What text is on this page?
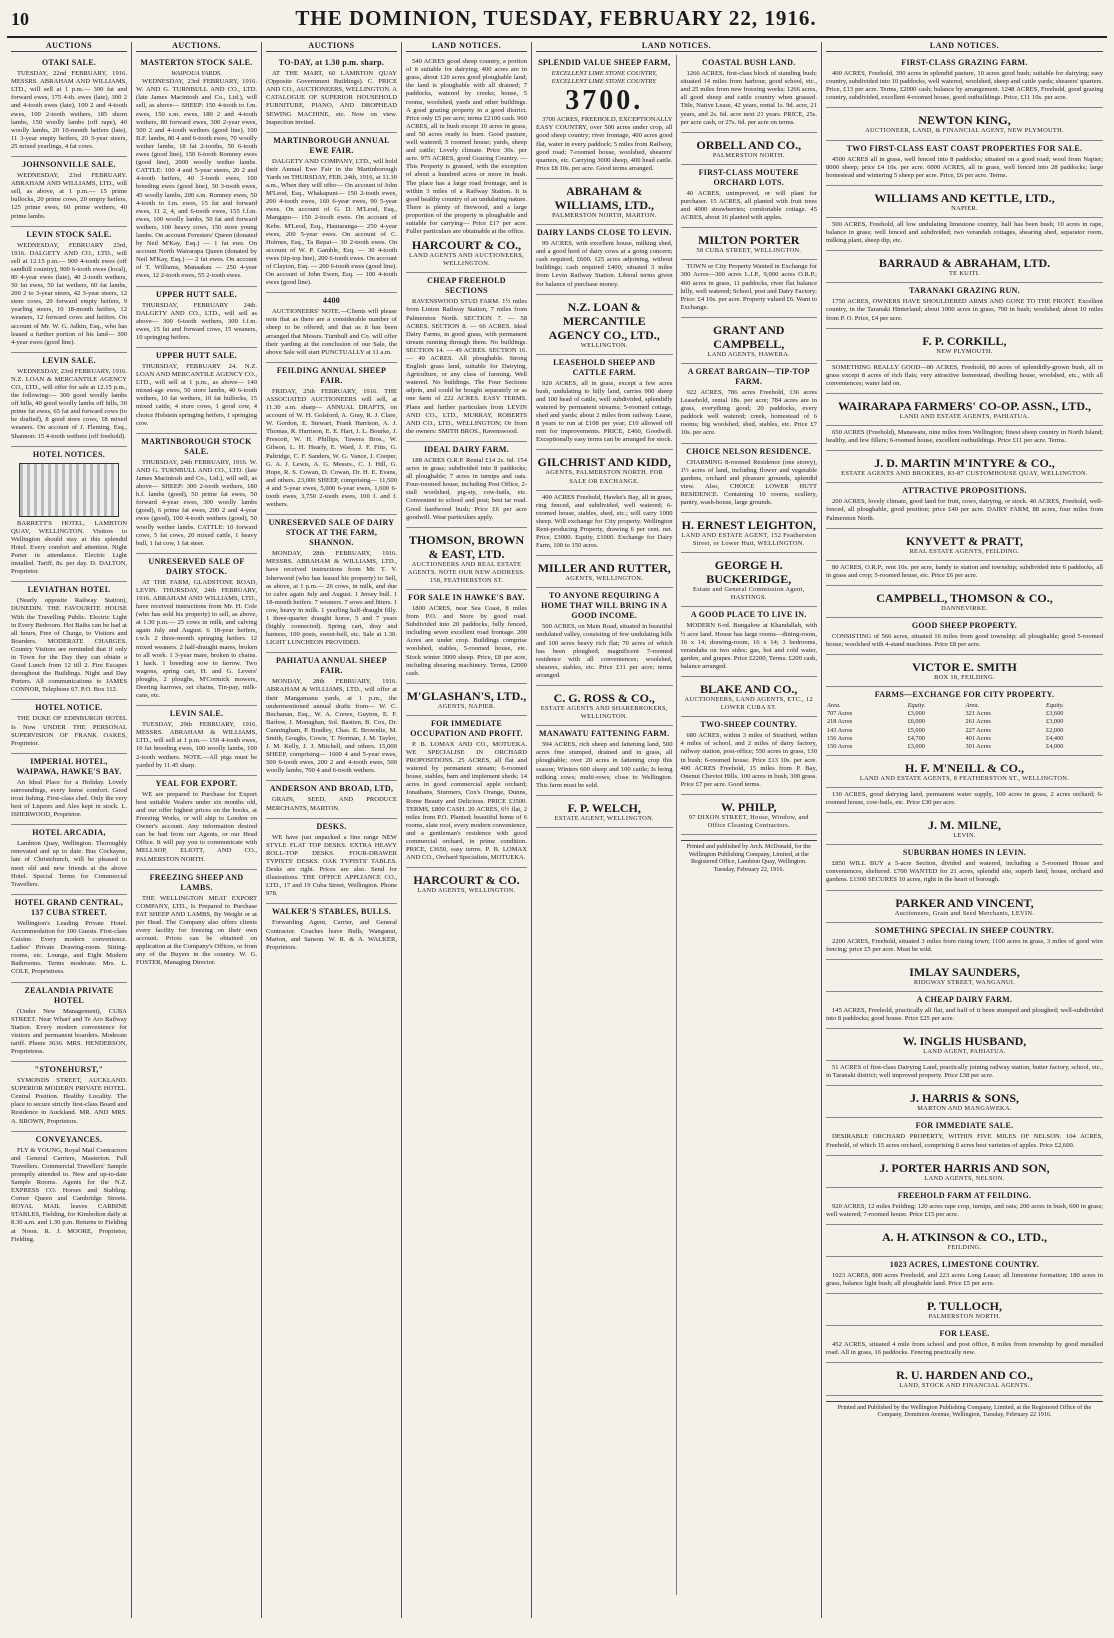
10	THE DOMINION, TUESDAY, FEBRUARY 22, 1916.
AUCTIONS
OTAKI SALE.

TUESDAY, 22nd FEBRUARY, 1916. MESSRS. ABRAHAM AND WILLIAMS, LTD., will sell at 1 p.m.— 300 fat and forward ewes, 175 4-th. ewes (late), 300 2 and 4-tooth ewes (late), 100 2 and 4-tooth ewes, 100 2-tooth wethers, 185 shorn lambs, 150 woolly lambs (off rape), 40 woolly lambs, 20 10-month heifers (late), 11 3-year empty heifers, 20 3-year steers, 25 mixed yearlings, 4 fat cows.

JOHNSONVILLE SALE.

WEDNESDAY, 23rd FEBRUARY. ABRAHAM AND WILLIAMS, LTD., will sell, as above, at 1 p.m.— 15 prime bullocks, 20 prime cows, 20 empty heifers, 125 prime ewes, 60 prime wethers, 40 prime lambs.

LEVIN STOCK SALE.

WEDNESDAY, FEBRUARY 23rd, 1916. DALGETY AND CO., LTD., will sell at 12.15 p.m.— 900 4-tooth ewes (off sandhill country), 900 6-tooth ewes (local), 80 4-year ewes (late), 40 2-tooth wethers, 50 fat ewes, 50 fat wethers, 60 fat lambs, 200 2 to 3-year steers, 42 3-year steers, 12 store cows, 20 forward empty heifers, 9 yearling steers, 10 18-month heifers, 12 weaners, 12 forward cows and heifers. On account of Mr. W. G. Adkin, Esq., who has leased a further portion of his land— 300 4-year ewes (good line).

LEVIN SALE.

WEDNESDAY, 23rd FEBRUARY, 1916. N.Z. LOAN & MERCANTILE AGENCY CO., LTD., will offer for sale at 12.15 p.m., the following:— 300 good woolly lambs off hills, 40 good woolly lambs off hills, 30 prime fat ewes, 65 fat and forward cows (to be drafted), 8 good store cows, 18 mixed weaners. On account of J. Fleming, Esq., Shannon: 15 4-tooth wethers (off freehold).

HOTEL NOTICES.

BARRETT'S HOTEL, LAMBTON QUAY, WELLINGTON. Visitors to Wellington should stay at this splendid Hotel. Every comfort and attention. Night Porter in attendance. Electric Light installed. Tariff, 8s. per day. D. DALTON, Proprietor.

LEVIATHAN HOTEL

(Nearly opposite Railway Station), DUNEDIN. THE FAVOURITE HOUSE With the Travelling Public. Electric Light in Every Bedroom. Hot Baths can be had at all hours, Free of Charge, to Visitors and Boarders. MODERATE CHARGES. Country Visitors are reminded that if only in Town for the Day they can obtain a Good Lunch from 12 till 2. Fire Escapes throughout the Buildings. Night and Day Porters. All communications to JAMES CONNOR, Telephone 67. P.O. Box 112.

HOTEL NOTICE.

THE DUKE OF EDINBURGH HOTEL Is Now UNDER THE PERSONAL SUPERVISION OF FRANK OAKES, Proprietor.

IMPERIAL HOTEL, WAIPAWA, HAWKE'S BAY.

An Ideal Place for a Holiday. Lovely surroundings, every home comfort. Good trout fishing. First-class chef. Only the very best of Liquors and Ales kept in stock. L. ISHERWOOD, Proprietor.

HOTEL ARCADIA,

Lambton Quay, Wellington. Thoroughly renovated and up to date. Bus Cockayne, late of Christchurch, will be pleased to meet old and new friends at the above Hotel. Special Terms for Commercial Travellers.

HOTEL GRAND CENTRAL, 137 CUBA STREET.

Wellington's Leading Private Hotel. Accommodation for 100 Guests. First-class Cuisine. Every modern convenience. Ladies' Private Drawing-room. Sitting-rooms, etc. Lounge, and Eight Modern Bathrooms. Terms moderate. Mrs. L. COLE, Proprietress.

ZEALANDIA PRIVATE HOTEL

(Under New Management), CUBA STREET. Near Wharf and Te Aro Railway Station. Every modern convenience for visitors and permanent boarders. Moderate tariff. Phone 3636. MRS. HENDERSON, Proprietress.

"STONEHURST,"

SYMONDS STREET, AUCKLAND. SUPERIOR MODERN PRIVATE HOTEL. Central Position. Healthy Locality. The place to secure strictly first-class Board and Residence in Auckland. MR. AND MRS. A. BROWN, Proprietors.

CONVEYANCES.

FLY & YOUNG, Royal Mail Contractors and General Carriers, Masterton. Full Travellers. Commercial Travellers' Sample promptly attended to. New and up-to-date Sample Rooms. Agents for the N.Z. EXPRESS CO. Horses and Stabling. Corner Queen and Cambridge Streets. ROYAL MAIL leaves CARBINE STABLES, Fielding, for Kimbolton daily at 8.30 a.m. and 1.30 p.m. Returns to Fielding at Noon. R. J. MOORE, Proprietor, Fielding.

AUCTIONS.
MASTERTON STOCK SALE.
WAIPOUA YARDS.

WEDNESDAY, 23rd FEBRUARY, 1916. W. AND G. TURNBULL AND CO., LTD. (late James Macintosh and Co., Ltd.), will sell, as above— SHEEP: 150 4-tooth to f.m. ewes, 150 s.m. ewes, 180 2 and 4-tooth wethers, 80 forward ewes, 300 2-year ewes, 500 2 and 4-tooth wethers (good line), 100 B.F. lambs, 80 4 and 6-tooth ewes, 70 woolly wether lambs, 18 fat 2-tooths, 50 6-tooth ewes (good line), 150 6-tooth Romney ewes (good line), 2000 woolly wether lambs. CATTLE: 100 4 and 5-year steers, 20 2 and 4-tooth heifers, 40 3-tooth ewes, 100 breeding ewes (good line), 30 3-tooth ewes, 45 woolly lambs, 200 s.m. Romney ewes, 50 4-tooth to f.m. ewes, 15 fat and forward ewes, 11 2, 4, and 6-tooth ewes, 155 f.f.m. ewes, 100 woolly lambs, 50 fat and forward wethers, 100 heavy cows, 150 store young lambs. On account Foresters' Queen (donated by Neil M'Kay, Esq.) — 1 fat ewe. On account North Wairarapa Queen (donated by Neil M'Kay, Esq.) — 2 fat ewes. On account of T. Williams, Manaakau — 250 4-year ewes, 12 2-tooth ewes, 55 2-tooth ewes.

UPPER HUTT SALE.

THURSDAY, FEBRUARY 24th. DALGETY AND CO., LTD., will sell as above— 300 6-tooth wethers, 300 f.f.m. ewes, 15 fat and forward cows, 15 weaners, 10 springing heifers.

UPPER HUTT SALE.

THURSDAY, FEBRUARY 24. N.Z. LOAN AND MERCANTILE AGENCY CO., LTD., will sell at 1 p.m., as above— 140 mixed-age ewes, 50 store lambs, 40 6-tooth wethers, 10 fat wethers, 10 fat bullocks, 15 mixed cattle, 4 store cows, 1 good cow, 4 choice Holstein springing heifers, 1 springing cow.

MARTINBOROUGH STOCK SALE.

THURSDAY, 24th FEBRUARY, 1916. W. AND G. TURNBULL AND CO., LTD. (late James Macintosh and Co., Ltd.), will sell, as above— SHEEP: 300 2-tooth wethers, 180 b.f. lambs (good), 50 prime fat ewes, 50 forward 4-year ewes, 300 woolly lambs (good), 6 prime fat ewes, 200 2 and 4-year ewes (good), 100 4-tooth wethers (good), 50 woolly wether lambs. CATTLE: 10 forward cows, 5 fat cows, 20 mixed cattle, 1 heavy bull, 1 fat cow, 1 fat steer.

UNRESERVED SALE OF DAIRY STOCK.

AT THE FARM, GLADSTONE ROAD, LEVIN. THURSDAY, 24th FEBRUARY, 1916. ABRAHAM AND WILLIAMS, LTD., have received instructions from Mr. H. Cole (who has sold his property) to sell, as above, at 1.30 p.m.— 25 cows in milk, and calving again July and August. 6 18-year heifers, r.w.b. 2 three-month springing heifers. 12 mixed weaners. 2 half-draught mares, broken to all work. 1 3-year mare, broken to chains. 1 hack. 1 breeding sow to farrow. Two wagons, spring cart, H. and G. Levers' ploughs, 2 ploughs, M'Cormick mowers, Deering harrows, set chains, Tin-pay, milk-cans, etc.

LEVIN SALE.

TUESDAY, 29th FEBRUARY, 1916. MESSRS. ABRAHAM & WILLIAMS, LTD., will sell at 1 p.m.— 150 4-tooth ewes, 10 fat breeding ewes, 100 woolly lambs, 100 2-tooth wethers. NOTE.—All pigs must be yarded by 11.45 sharp.

YEAL FOR EXPORT.

WE are prepared to Purchase for Export best suitable Vealers under six months old, and our offer highest prices on the hooks, at Freezing Works, or will ship to London on Owner's account. Any information desired can be had from our Agents, or our Head Office. It will pay you to communicate with MELLSOP, ELIOTT, AND CO., PALMERSTON NORTH.

FREEZING SHEEP AND LAMBS.

THE WELLINGTON MEAT EXPORT COMPANY, LTD., Is Prepared to Purchase FAT SHEEP AND LAMBS, By Weight or at per Head. The Company also offers clients every facility for freezing on their own account. Prices can be obtained on application at the Company's Offices, or from any of the Buyers in the country. W. G. FOSTER, Managing Director.

AUCTIONS
TO-DAY, at 1.30 p.m. sharp.

AT THE MART, 60 LAMBTON QUAY (Opposite Government Buildings). C. PRICE AND CO., AUCTIONEERS, WELLINGTON. A CATALOGUE OF SUPERIOR HOUSEHOLD FURNITURE, PIANO, AND DROPHEAD SEWING MACHINE, etc. Now on view. Inspection invited.

MARTINBOROUGH ANNUAL EWE FAIR.

DALGETY AND COMPANY, LTD., will hold their Annual Ewe Fair in the Martinborough Yards on THURSDAY, FEB. 24th, 1916, at 11.30 a.m., When they will offer— On account of John M'Leod, Esq., Whakapuni— 150 2-tooth ewes, 200 4-tooth ewes, 160 6-year ewes, 90 5-year ewes. On account of G. D. M'Leod, Esq., Mangapu— 150 2-tooth ewes. On account of Kebs. M'Leod, Esq., Hautaranga— 250 4-year ewes, 200 5-year ewes. On account of C. Holmes, Esq., Ta Repai— 30 2-tooth ewes. On account of W. P. Gamble, Esq. — 30 4-tooth ewes (tip-top line), 200 6-tooth ewes. On account of Clayton, Esq. — 200 6-tooth ewes (good line). On account of John Ewen, Esq. — 100 4-tooth ewes (good line).

4400

AUCTIONEERS' NOTE.—Clients will please note that as there are a considerable number of sheep to be offered, and that as it has been arranged that Messrs. Turnbull and Co. will offer their yarding at the conclusion of our Sale, the above Sale will start PUNCTUALLY at 11 a.m.

FEILDING ANNUAL SHEEP FAIR.

FRIDAY, 25th FEBRUARY, 1916. THE ASSOCIATED AUCTIONEERS will sell, at 11.30 a.m. sharp— ANNUAL DRAFTS, on account of W. H. Golsford, A. Gray, R. J. Clare, W. Gordon, E. Stewart, Frank Harrison, A. J. Thomas, R. Harrison, E. E. Hart, J. L. Bourke, J. Prescott, W. H. Phillips, Tawera Bros., W. Gibson, L. H. Hearly, E. Ward, J. F. Fitts, G. Paltridge, C. F. Sanders, W. G. Vance, J. Cooper, G. A. J. Lewis, A. G. Messrs., C. J. Hill, G. Hope, R. S. Cowan, D. Cowan, Dr. H. E. Evans, and others. 23,000 SHEEP, comprising— 11,500 4 and 5-year ewes, 5,000 6-year ewes, 1,600 6-tooth ewes, 3,750 2-tooth ewes, 100 f. and f. wethers.

UNRESERVED SALE OF DAIRY STOCK AT THE FARM, SHANNON.

MONDAY, 28th FEBRUARY, 1916. MESSRS. ABRAHAM & WILLIAMS, LTD., have received instructions from Mr. T. V. Isherwood (who has leased his property) to Sell, as above, at 1 p.m.— 26 cows, in milk, and due to calve again July and August. 1 Jersey bull. 1 18-month heifers. 7 weaners. 7 sows and litters. 1 cow, heavy in milk. 1 yearling half-draught filly. 1 three-quarter draught horse, 5 and 7 years (highly connected). Spring cart, dray and harness, 100 posts, sweet-bell, etc. Sale at 1.30. LIGHT LUNCHEON PROVIDED.

PAHIATUA ANNUAL SHEEP FAIR.

MONDAY, 28th FEBRUARY, 1916. ABRAHAM & WILLIAMS, LTD., will offer at their Mangamanu yards, at 1 p.m., the undermentioned annual drafts from— W. C. Buchanan, Esq., W. A. Crewe, Guyton, E. F. Barlow, J. Monaghan, Sol. Bastien, B. Cox, Dr. Cunningham, P. Bradley, Chas. E. Brownlie, M. Smith, Goughs, Cowie, T. Norman, J. M. Taylor, J. M. Kelly, J. J. Mitchell, and others. 15,000 SHEEP, comprising— 1600 4 and 5-year ewes, 500 6-tooth ewes, 200 2 and 4-tooth ewes, 500 woolly lambs, 700 4 and 6-tooth wethers.

ANDERSON AND BROAD, LTD,

GRAIN, SEED, AND PRODUCE MERCHANTS, MARTON.

DESKS.

WE have just unpacked a fine range NEW STYLE FLAT TOP DESKS. EXTRA HEAVY ROLL-TOP DESKS. FOUR-DRAWER TYPISTS' DESKS. OAK TYPISTS' TABLES. Desks are right. Prices are also. Send for illustrations. THE OFFICE APPLIANCE CO., LTD., 17 and 19 Cuba Street, Wellington. Phone 978.

WALKER'S STABLES, BULLS.

Forwarding Agent, Carrier, and General Contractor. Coaches leave Bulls, Wanganui, Marton, and Sanson. W. R. & A. WALKER, Proprietors.

LAND NOTICES.

540 ACRES good sheep country, a portion of it suitable for dairying; 400 acres are in grass, about 120 acres good ploughable land; the land is ploughable with all drained; 7 paddocks, watered by creeks; house, 5 rooms, woolshed, yards and other buildings. A good grazing property in a good district. Price only £5 per acre; terms £2100 cash. 960 ACRES, all in bush except 10 acres in grass, and 50 acres ready to burn. Good pasture, well watered; 5 roomed house; yards, sheep and cattle; Lovely climate. Price 30s. per acre. 975 ACRES, good Grazing Country. — This Property is grassed, with the exception of about a hundred acres or more in bush. The place has a large road frontage, and is within 3 miles of a Railway Station. It is good healthy country of an undulating nature. There is plenty of firewood, and a large proportion of the property is ploughable and suitable for carrying— Price £17 per acre. Fuller particulars are obtainable at the office.

HARCOURT & CO.,
LAND AGENTS AND AUCTIONEERS, WELLINGTON.
CHEAP FREEHOLD SECTIONS

RAVENSWOOD STUD FARM. 1½ miles from Linton Railway Station, 7 miles from Palmerston North. SECTION 7. — 58 ACRES. SECTION 8. — 66 ACRES. Ideal Dairy Farms, in good grass, with permanent stream running through them. No buildings. SECTION 14. — 49 ACRES. SECTION 16. — 49 ACRES. All ploughable. Strong English grass land, suitable for Dairying, Agriculture, or any class of farming. Well watered. No buildings. The Four Sections adjoin, and could be bought separately or as one farm of 222 ACRES. EASY TERMS. Plans and further particulars from LEVIN AND CO., LTD., MURRAY, ROBERTS AND CO., LTD., WELLINGTON; Or from the owners: SMITH BROS., Ravenswood.

IDEAL DAIRY FARM.

188 ACRES O.R.P. Rental £14 2s. 6d. 154 acres in grass; subdivided into 8 paddocks; all ploughable; 7 acres in turnips and oats. Four-roomed house, including Post Office, 2-stall woolshed, pig-sty, cow-bails, etc. Convenient to school and post; best tar road. Good hardwood bush; Price £6 per acre goodwill. Wear particulars apply.

THOMSON, BROWN & EAST, LTD.
AUCTIONEERS AND REAL ESTATE AGENTS. NOTE OUR NEW ADDRESS: 158, FEATHERSTON ST.
FOR SALE IN HAWKE'S BAY.

1800 ACRES, near Sea Coast, 8 miles from P.O. and Store by good road. Subdivided into 20 paddocks, fully fenced, including seven excellent road frontage. 200 Acres are under crop. Buildings comprise woolshed, stables, 5-roomed house, etc. Stock winter 3000 sheep. Price, £8 per acre, including shearing machinery. Terms, £2000 cash.

M'GLASHAN'S, LTD.,
AGENTS, NAPIER.
FOR IMMEDIATE OCCUPATION AND PROFIT.

P. B. LOMAX AND CO., MOTUEKA. WE SPECIALISE IN ORCHARD PROPOSITIONS. 25 ACRES, all flat and watered by permanent stream; 6-roomed house, stables, barn and implement sheds; 14 acres in good commercial apple orchard; Jonathans, Sturmers, Cox's Orange, Dunns, Rome Beauty and Delicious. PRICE £3500. TERMS, £800 CASH. 20 ACRES, 6½ flat, 2 miles from P.O. Planted; beautiful home of 6 rooms, slate roof, every modern convenience, and a gentleman's residence with good commercial orchard, in prime condition. PRICE, £3650, easy terms. P. B. LOMAX AND CO., Orchard Specialists, MOTUEKA.

HARCOURT & CO.
LAND AGENTS, WELLINGTON.
LAND NOTICES.
SPLENDID VALUE SHEEP FARM,
EXCELLENT LIME STONE COUNTRY, EXCELLENT LIME STONE COUNTRY.
3700.

3700 ACRES, FREEHOLD, EXCEPTIONALLY EASY COUNTRY, over 500 acres under crop, all good sheep country; river frontage, 400 acres good flat, water in every paddock; 5 miles from Railway, good road; 7-roomed house, woolshed, shearers' quarters, etc. Carrying 3000 sheep, 400 head cattle. Price £8 10s. per acre. Good terms arranged.

ABRAHAM & WILLIAMS, LTD.,
PALMERSTON NORTH, MARTON.
DAIRY LANDS CLOSE TO LEVIN.

99 ACRES, with excellent house, milking shed, and a good herd of dairy cows at a going concern; cash required, £600. 125 acres adjoining, without buildings; cash required £400; situated 3 miles from Levin Railway Station. Liberal terms given for balance of purchase money.

N.Z. LOAN & MERCANTILE AGENCY CO., LTD.,
WELLINGTON.
LEASEHOLD SHEEP AND CATTLE FARM.

920 ACRES, all in grass, except a few acres bush, undulating to hilly land, carries 900 sheep and 100 head of cattle, well subdivided, splendidly watered by permanent streams; 5-roomed cottage, shed and yards; about 2 miles from railway. Lease, 8 years to run at £108 per year; £10 allowed off rent for improvements. PRICE, £460, Goodwill. Exceptionally easy terms can be arranged for stock.

GILCHRIST AND KIDD,
AGENTS, PALMERSTON NORTH. FOR SALE OR EXCHANGE.

400 ACRES Freehold, Hawke's Bay, all in grass, ring fenced, and subdivided, well watered; 6-roomed house, stables, shed, etc.; will carry 1000 sheep. Will exchange for City property. Wellington Rent-producing Property, drawing 6 per cent. net. Price, £3000. Equity, £1000. Exchange for Dairy Farm, 100 to 150 acres.

MILLER AND RUTTER,
AGENTS, WELLINGTON.
TO ANYONE REQUIRING A HOME THAT WILL BRING IN A GOOD INCOME.

500 ACRES, on Main Road, situated in beautiful undulated valley, consisting of few undulating hills and 100 acres heavy rich flat; 70 acres of which has been ploughed; magnificent 7-roomed residence with all conveniences; woolshed, shearers, stables, etc. Price £11 per acre; terms arranged.

C. G. ROSS & CO.,
ESTATE AGENTS AND SHAREBROKERS, WELLINGTON.
MANAWATU FATTENING FARM.

594 ACRES, rich sheep and fattening land, 500 acres fine stumped, drained and in grass, all ploughable; over 20 acres in fattening crop this season; Winters 600 sheep and 100 cattle; Is being milking cows; multi-rows; close to Wellington. This farm must be sold.

F. P. WELCH,
ESTATE AGENT, WELLINGTON.
COASTAL BUSH LAND.

1266 ACRES, first-class block of standing bush; situated 14 miles from harbour, good school, etc., and 25 miles from new freezing works; 1266 acres, all good sheep and cattle country when grassed. Title, Native Lease, 42 years, rental 1s. 9d. acre, 21 years, and 2s. 6d. acre next 21 years. PRICE, 25s. per acre cash, or 27s. 6d. per acre on terms.

ORBELL AND CO.,
PALMERSTON NORTH.
FIRST-CLASS MOUTERE ORCHARD LOTS.

40 ACRES, unimproved, or will plant for purchaser. 15 ACRES, all planted with fruit trees and 4000 strawberries; comfortable cottage. 45 ACRES, about 16 planted with apples.

MILTON PORTER
58 CUBA STREET, WELLINGTON.

TOWN or City Property Wanted in Exchange for 300 Acres—300 acres L.I.P., 9,000 acres O.R.P.; 460 acres in grass, 11 paddocks, river flat balance hilly, well watered; School, post and Dairy Factory; Price: £4 10s. per acre. Property valued £6. Want to Exchange.

GRANT AND CAMPBELL,
LAND AGENTS, HAWERA.
A GREAT BARGAIN—TIP-TOP FARM.

922 ACRES, 786 acres Freehold, 136 acres Leasehold, rental 18s. per acre; 784 acres are in grass, everything good; 20 paddocks, every paddock well watered; creek, homestead of 6 rooms; big woolshed, shed, stables, etc. Price £7 10s. per acre.

CHOICE NELSON RESIDENCE.

CHARMING 8-roomed Residence (one storey), 1½ acres of land, including flower and vegetable gardens, orchard and pleasure grounds, splendid view. Also, CHOICE LOWER HUTT RESIDENCE. Containing 10 rooms, scullery, pantry, wash-house, large grounds.

H. ERNEST LEIGHTON,
LAND AND ESTATE AGENT, 152 Featherston Street, or Lower Hutt, WELLINGTON.
GEORGE H. BUCKERIDGE,
Estate and General Commission Agent, HASTINGS.
A GOOD PLACE TO LIVE IN.

MODERN 6-rd. Bungalow at Khandallah, with ½ acre land. House has large rooms—dining-room, 16 x 14; drawing-room, 16 x 14; 3 bedrooms, verandahs on two sides; gas, hot and cold water, garden, and grapes. Price £2200, Terms. £200 cash, balance arranged.

BLAKE AND CO.,
AUCTIONEERS, LAND AGENTS, ETC., 12 LOWER CUBA ST.
TWO-SHEEP COUNTRY.

680 ACRES, within 3 miles of Stratford, within 4 miles of school, and 2 miles of dairy factory, railway station, post-office; 550 acres in grass, 130 in bush; 6-roomed house. Price £13 10s. per acre. 400 ACRES Freehold, 15 miles from P. Bay, Onenui Cheviot Hills. 100 acres in bush, 300 grass. Price £7 per acre. Good terms.

W. PHILP,
97 DIXON STREET, House, Window, and Office Cleaning Contractors.
Printed and published by Arch. McDonald, for the Wellington Publishing Company, Limited, at the Registered Office, Lambton Quay, Wellington. Tuesday, February 22, 1916.
LAND NOTICES.
FIRST-CLASS GRAZING FARM.

400 ACRES, Freehold, 390 acres in splendid pasture, 10 acres good bush; suitable for dairying; easy country, subdivided into 10 paddocks, well watered, woolshed, sheep and cattle yards; shearers' quarters. Price, £13 per acre. Terms, £2000 cash; balance by arrangement. 1248 ACRES, Freehold, good grazing country, subdivided, excellent 4-roomed house, good outbuildings. Price, £11 10s. per acre.

NEWTON KING,
AUCTIONEER, LAND, & FINANCIAL AGENT, NEW PLYMOUTH.
TWO FIRST-CLASS EAST COAST PROPERTIES FOR SALE.

4500 ACRES all in grass, well fenced into 8 paddocks; situated on a good road; wool from Napier; 8000 sheep; price £4 10s. per acre. 6000 ACRES, all in grass, well fenced into 28 paddocks; large homestead and wintering 5 sheep per acre. Price, £6 per acre. Terms.

WILLIAMS AND KETTLE, LTD.,
NAPIER.

500 ACRES, Freehold, all low undulating limestone country, half has been bush; 10 acres in rape, balance in grass; well fenced and subdivided; two verandah cottages, shearing shed, separator room, milking plant, sheep dip, etc.

BARRAUD & ABRAHAM, LTD.
TE KUITI.
TARANAKI GRAZING RUN.

1750 ACRES, OWNERS HAVE SHOULDERED ARMS AND GONE TO THE FRONT. Excellent country, in the Taranaki Hinterland; about 1000 acres in grass, 700 in bush; woolshed; about 10 miles from P. O. Price, £4 per acre.

F. P. CORKILL,
NEW PLYMOUTH.

SOMETHING REALLY GOOD—80 ACRES, Freehold, 80 acres of splendidly-grown bush, all in grass except 8 acres of rich flats; very attractive homestead, dwelling house, woolshed, etc., with all conveniences; water laid on.

WAIRARAPA FARMERS' CO-OP. ASSN., LTD.,
LAND AND ESTATE AGENTS, PAHIATUA.

650 ACRES (Freehold), Manawatu, nine miles from Wellington; finest sheep country in North Island; healthy, and few fillers; 6-roomed house, excellent outbuildings. Price £11 per acre. Terms.

J. D. MARTIN M'INTYRE & CO.,
ESTATE AGENTS AND BROKERS, 83-87 CUSTOMHOUSE QUAY, WELLINGTON.
ATTRACTIVE PROPOSITIONS.

200 ACRES, lovely climate, good land for fruit, cows, dairying, or stock. 40 ACRES, Freehold, well-fenced, all ploughable, good position; price £40 per acre. DAIRY FARM, 88 acres, four miles from Palmerston North.

KNYVETT & PRATT,
REAL ESTATE AGENTS, FEILDING.

80 ACRES, O.R.P., rent 10s. per acre, handy to station and township; subdivided into 6 paddocks, all in grass and crop; 5-roomed house, etc. Price £6 per acre.

CAMPBELL, THOMSON & CO.,
DANNEVIRKE.
GOOD SHEEP PROPERTY.

CONSISTING of 566 acres, situated 16 miles from good township; all ploughable; good 5-roomed house; woolshed with 4-stand machines. Price £8 per acre.

VICTOR E. SMITH
BOX 18, FEILDING.
FARMS—EXCHANGE FOR CITY PROPERTY.
Area.	Equity.	Area.	Equity.
707 Acres	£3,000	321 Acres	£3,600
218 Acres	£6,000	261 Acres	£3,000
143 Acres	£5,000	227 Acres	£2,000
156 Acres	£4,700	401 Acres	£4,400
150 Acres	£3,000	301 Acres	£4,000
H. F. M'NEILL & CO.,
LAND AND ESTATE AGENTS, 8 FEATHERSTON ST., WELLINGTON.

130 ACRES, good dairying land, permanent water supply, 100 acres in grass, 2 acres orchard; 6-roomed house, cow-bails, etc. Price £30 per acre.

J. M. MILNE,
LEVIN.
SUBURBAN HOMES IN LEVIN.

£850 WILL BUY a 5-acre Section, divided and watered, including a 5-roomed House and conveniences, sheltered. £700 WANTED for 21 acres, splendid site, superb land, house, orchard and gardens. £1300 SECURES 10 acres, right in the heart of borough.

PARKER AND VINCENT,
Auctioneers, Grain and Seed Merchants, LEVIN.
SOMETHING SPECIAL IN SHEEP COUNTRY.

2200 ACRES, Freehold, situated 3 miles from rising town; 1100 acres in grass, 3 miles of good wire fencing; price £5 per acre. Must be sold.

IMLAY SAUNDERS,
RIDGWAY STREET, WANGANUI.
A CHEAP DAIRY FARM.

145 ACRES, Freehold, practically all flat, and half of it been stumped and ploughed; well-subdivided into 8 paddocks; good house. Price £25 per acre.

W. INGLIS HUSBAND,
LAND AGENT, PAHIATUA.

51 ACRES of first-class Dairying Land, practically joining railway station, butter factory, school, etc., in Taranaki district; well improved property. Price £38 per acre.

J. HARRIS & SONS,
MARTON AND MANGAWEKA.
FOR IMMEDIATE SALE.

DESIRABLE ORCHARD PROPERTY, WITHIN FIVE MILES OF NELSON. 104 ACRES, Freehold, of which 15 acres orchard, comprising 6 acres best varieties of apples. Price £2,600.

J. PORTER HARRIS AND SON,
LAND AGENTS, NELSON.
FREEHOLD FARM AT FEILDING.

920 ACRES, 12 miles Feilding; 120 acres rape crop, turnips, and oats; 200 acres in bush, 600 in grass; well watered; 7-roomed house. Price £15 per acre.

A. H. ATKINSON & CO., LTD.,
FEILDING.
1023 ACRES, LIMESTONE COUNTRY.

1023 ACRES, 800 acres Freehold, and 223 acres Long Lease; all limestone formation; 180 acres in grass, balance light bush; all ploughable land. Price £5 per acre.

P. TULLOCH,
PALMERSTON NORTH.
FOR LEASE.

452 ACRES, situated 4 mile from school and post office, 8 miles from township by good metalled road. All in grass, 16 paddocks. Fencing practically new.

R. U. HARDEN AND CO.,
LAND, STOCK AND FINANCIAL AGENTS.
Printed and Published by the Wellington Publishing Company, Limited, at the Registered Office of the Company, Dominion Avenue, Wellington, Tuesday, February 22 1916.
